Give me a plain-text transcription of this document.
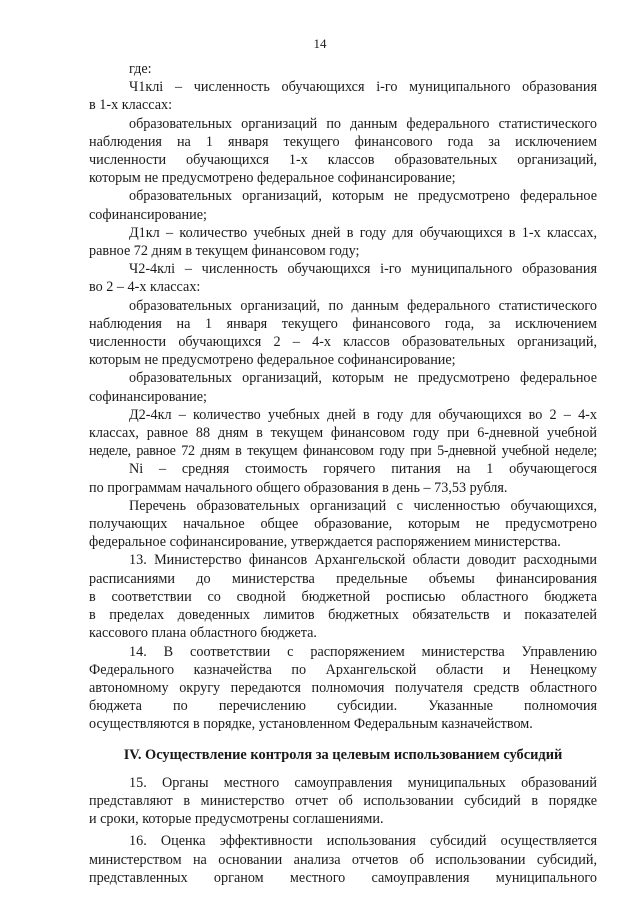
14

где:

Ч1клi – численность обучающихся i-го муниципального образования

в 1-х классах:

образовательных организаций по данным федерального статистического

наблюдения на 1 января текущего финансового года за исключением

численности обучающихся 1-х классов образовательных организаций,

которым не предусмотрено федеральное софинансирование;

образовательных организаций, которым не предусмотрено федеральное

софинансирование;

Д1кл – количество учебных дней в году для обучающихся в 1-х классах,

равное 72 дням в текущем финансовом году;

Ч2-4клi – численность обучающихся i-го муниципального образования

во 2 – 4-х классах:

образовательных организаций, по данным федерального статистического

наблюдения на 1 января текущего финансового года, за исключением

численности обучающихся 2 – 4-х классов образовательных организаций,

которым не предусмотрено федеральное софинансирование;

образовательных организаций, которым не предусмотрено федеральное

софинансирование;

Д2-4кл – количество учебных дней в году для обучающихся во 2 – 4-х

классах, равное 88 дням в текущем финансовом году при 6-дневной учебной

неделе, равное 72 дням в текущем финансовом году при 5-дневной учебной неделе;

Ni – средняя стоимость горячего питания на 1 обучающегося

по программам начального общего образования в день – 73,53 рубля.

Перечень образовательных организаций с численностью обучающихся,

получающих начальное общее образование, которым не предусмотрено

федеральное софинансирование, утверждается распоряжением министерства.

13. Министерство финансов Архангельской области доводит расходными

расписаниями до министерства предельные объемы финансирования

в соответствии со сводной бюджетной росписью областного бюджета

в пределах доведенных лимитов бюджетных обязательств и показателей

кассового плана областного бюджета.

14. В соответствии с распоряжением министерства Управлению

Федерального казначейства по Архангельской области и Ненецкому

автономному округу передаются полномочия получателя средств областного

бюджета по перечислению субсидии. Указанные полномочия

осуществляются в порядке, установленном Федеральным казначейством.

IV. Осуществление контроля за целевым использованием субсидий

15. Органы местного самоуправления муниципальных образований

представляют в министерство отчет об использовании субсидий в порядке

и сроки, которые предусмотрены соглашениями.

16. Оценка эффективности использования субсидий осуществляется

министерством на основании анализа отчетов об использовании субсидий,

представленных органом местного самоуправления муниципального
